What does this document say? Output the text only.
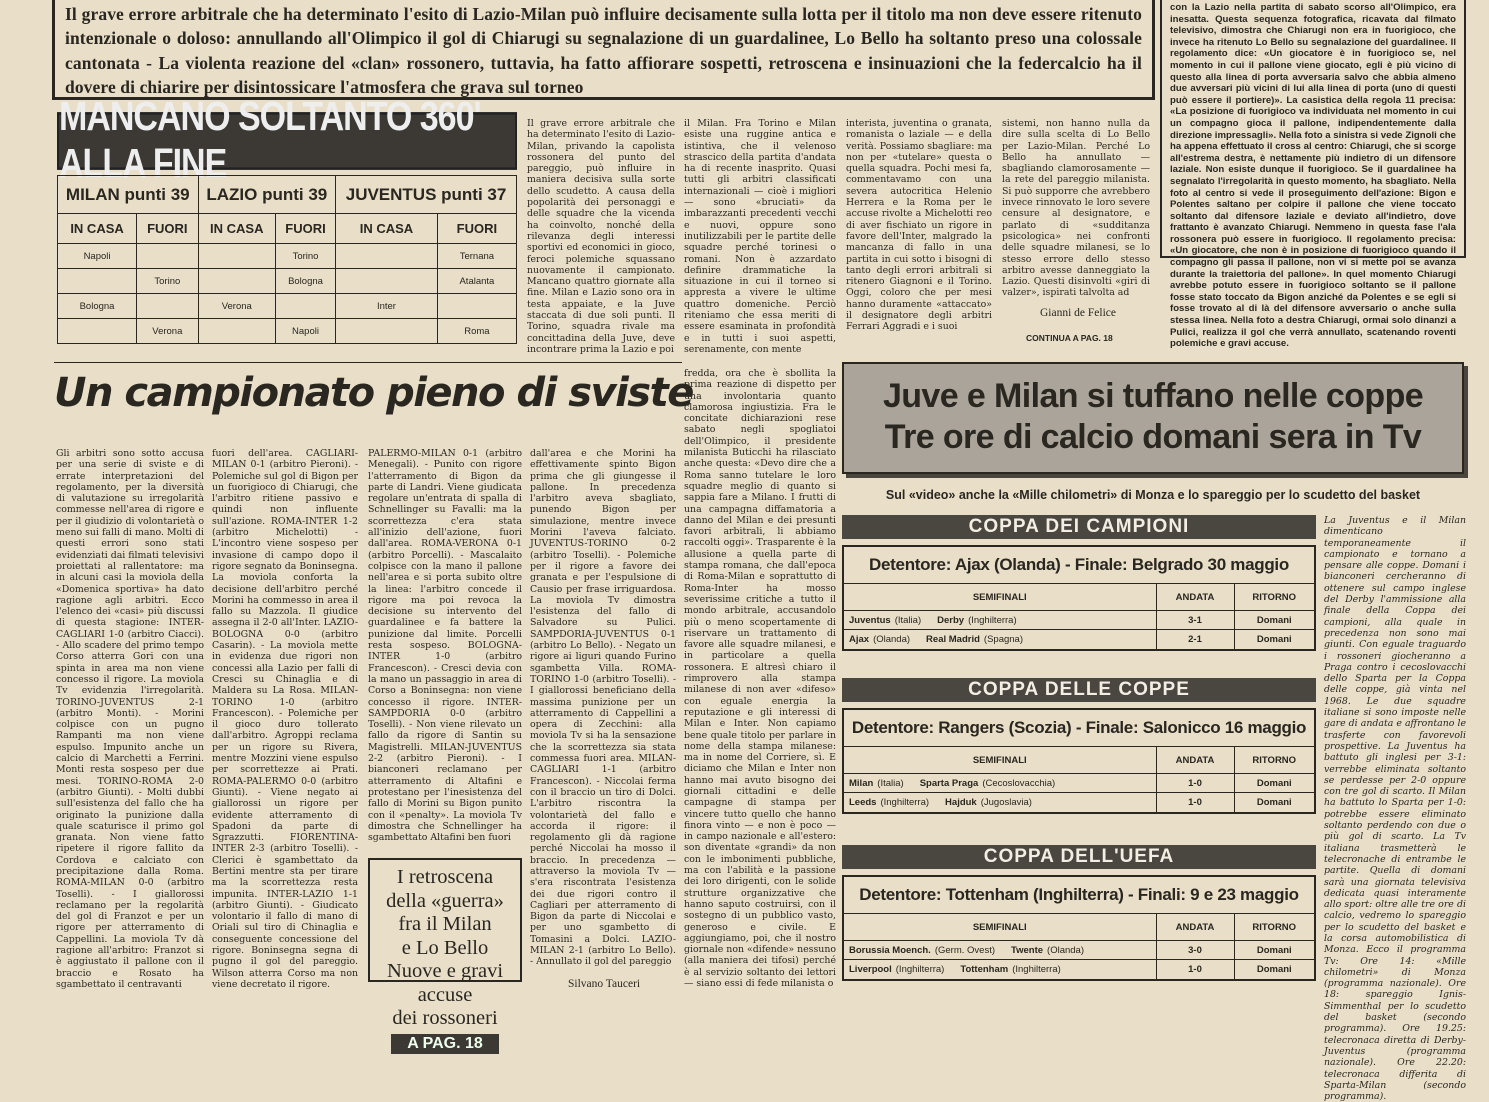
Il grave errore arbitrale che ha determinato l'esito di Lazio-Milan può influire decisamente sulla lotta per il titolo ma non deve essere ritenuto intenzionale o doloso: annullando all'Olimpico il gol di Chiarugi su segnalazione di un guardalinee, Lo Bello ha soltanto preso una colossale cantonata - La violenta reazione del «clan» rossonero, tuttavia, ha fatto affiorare sospetti, retroscena e insinuazioni che la federcalcio ha il dovere di chiarire per disintossicare l'atmosfera che grava sul torneo

con la Lazio nella partita di sabato scorso all'Olimpico, era inesatta. Questa sequenza fotografica, ricavata dal filmato televisivo, dimostra che Chiarugi non era in fuorigioco, che invece ha ritenuto Lo Bello su segnalazione del guardalinee. Il regolamento dice: «Un giocatore è in fuorigioco se, nel momento in cui il pallone viene giocato, egli è più vicino di questo alla linea di porta avversaria salvo che abbia almeno due avversari più vicini di lui alla linea di porta (uno di questi può essere il portiere)». La casistica della regola 11 precisa: «La posizione di fuorigioco va individuata nel momento in cui un compagno gioca il pallone, indipendentemente dalla direzione impressagli». Nella foto a sinistra si vede Zignoli che ha appena effettuato il cross al centro: Chiarugi, che si scorge all'estrema destra, è nettamente più indietro di un difensore laziale. Non esiste dunque il fuorigioco. Se il guardalinee ha segnalato l'irregolarità in questo momento, ha sbagliato. Nella foto al centro si vede il proseguimento dell'azione: Bigon e Polentes saltano per colpire il pallone che viene toccato soltanto dal difensore laziale e deviato all'indietro, dove frattanto è avanzato Chiarugi. Nemmeno in questa fase l'ala rossonera può essere in fuorigioco. Il regolamento precisa: «Un giocatore, che non è in posizione di fuorigioco quando il compagno gli passa il pallone, non vi si mette poi se avanza durante la traiettoria del pallone». In quel momento Chiarugi avrebbe potuto essere in fuorigioco soltanto se il pallone fosse stato toccato da Bigon anziché da Polentes e se egli si fosse trovato al di là del difensore avversario o anche sulla stessa linea. Nella foto a destra Chiarugi, ormai solo dinanzi a Pulici, realizza il gol che verrà annullato, scatenando roventi polemiche e gravi accuse.

MANCANO SOLTANTO 360' ALLA FINE
MILAN punti 39		LAZIO punti 39		JUVENTUS punti 37	
IN CASA	FUORI	IN CASA	FUORI	IN CASA	FUORI
Napoli			Torino		Ternana
	Torino		Bologna		Atalanta
Bologna		Verona		Inter	
	Verona		Napoli		Roma

Il grave errore arbitrale che ha determinato l'esito di Lazio-Milan, privando la capolista rossonera del punto del pareggio, può influire in maniera decisiva sulla sorte dello scudetto. A causa della popolarità dei personaggi e delle squadre che la vicenda ha coinvolto, nonché della rilevanza degli interessi sportivi ed economici in gioco, feroci polemiche squassano nuovamente il campionato. Mancano quattro giornate alla fine. Milan e Lazio sono ora in testa appaiate, e la Juve staccata di due soli punti. Il Torino, squadra rivale ma concittadina della Juve, deve incontrare prima la Lazio e poi

il Milan. Fra Torino e Milan esiste una ruggine antica e istintiva, che il velenoso strascico della partita d'andata ha di recente inasprito. Quasi tutti gli arbitri classificati internazionali — cioè i migliori — sono «bruciati» da imbarazzanti precedenti vecchi e nuovi, oppure sono inutilizzabili per le partite delle squadre perché torinesi o romani. Non è azzardato definire drammatiche la situazione in cui il torneo si appresta a vivere le ultime quattro domeniche. Perciò riteniamo che essa meriti di essere esaminata in profondità e in tutti i suoi aspetti, serenamente, con mente

fredda, ora che è sbollita la prima reazione di dispetto per una involontaria quanto clamorosa ingiustizia. Fra le concitate dichiarazioni rese sabato negli spogliatoi dell'Olimpico, il presidente milanista Buticchi ha rilasciato anche questa: «Devo dire che a Roma sanno tutelare le loro squadre meglio di quanto si sappia fare a Milano. I frutti di una campagna diffamatoria a danno del Milan e dei presunti favori arbitrali, li abbiamo raccolti oggi». Trasparente è la allusione a quella parte di stampa romana, che dall'epoca di Roma-Milan e soprattutto di Roma-Inter ha mosso severissime critiche a tutto il mondo arbitrale, accusandolo più o meno scopertamente di riservare un trattamento di favore alle squadre milanesi, e in particolare a quella rossonera. E altresì chiaro il rimprovero alla stampa milanese di non aver «difeso» con eguale energia la reputazione e gli interessi di Milan e Inter. Non capiamo bene quale titolo per parlare in nome della stampa milanese: ma in nome del Corriere, sì. E diciamo che Milan e Inter non hanno mai avuto bisogno dei giornali cittadini e delle campagne di stampa per vincere tutto quello che hanno finora vinto — e non è poco — in campo nazionale e all'estero: son diventate «grandi» da non con le imbonimenti pubbliche, ma con l'abilità e la passione dei loro dirigenti, con le solide strutture organizzative che hanno saputo costruirsi, con il sostegno di un pubblico vasto, generoso e civile. E aggiungiamo, poi, che il nostro giornale non «difende» nessuno (alla maniera dei tifosi) perché è al servizio soltanto dei lettori — siano essi di fede milanista o

interista, juventina o granata, romanista o laziale — e della verità. Possiamo sbagliare: ma non per «tutelare» questa o quella squadra. Pochi mesi fa, commentavamo con una severa autocritica Helenio Herrera e la Roma per le accuse rivolte a Michelotti reo di aver fischiato un rigore in favore dell'Inter, malgrado la mancanza di fallo in una partita in cui sotto i bisogni di tanto degli errori arbitrali si ritenero Giagnoni e il Torino. Oggi, coloro che per mesi hanno duramente «attaccato» il designatore degli arbitri Ferrari Aggradi e i suoi

sistemi, non hanno nulla da dire sulla scelta di Lo Bello per Lazio-Milan. Perché Lo Bello ha annullato — sbagliando clamorosamente — la rete del pareggio milanista. Si può supporre che avrebbero invece rinnovato le loro severe censure al designatore, e parlato di «sudditanza psicologica» nei confronti delle squadre milanesi, se lo stesso errore dello stesso arbitro avesse danneggiato la Lazio. Questi disinvolti «giri di valzer», ispirati talvolta ad

Gianni de Felice
CONTINUA A PAG. 18
Un campionato pieno di sviste

Gli arbitri sono sotto accusa per una serie di sviste e di errate interpretazioni del regolamento, per la diversità di valutazione su irregolarità commesse nell'area di rigore e per il giudizio di volontarietà o meno sui falli di mano. Molti di questi errori sono stati evidenziati dai filmati televisivi proiettati al rallentatore: ma in alcuni casi la moviola della «Domenica sportiva» ha dato ragione agli arbitri. Ecco l'elenco dei «casi» più discussi di questa stagione: INTER-CAGLIARI 1-0 (arbitro Ciacci). - Allo scadere del primo tempo Corso atterra Gori con una spinta in area ma non viene concesso il rigore. La moviola Tv evidenzia l'irregolarità. TORINO-JUVENTUS 2-1 (arbitro Monti). - Morini colpisce con un pugno Rampanti ma non viene espulso. Impunito anche un calcio di Marchetti a Ferrini. Monti resta sospeso per due mesi. TORINO-ROMA 2-0 (arbitro Giunti). - Molti dubbi sull'esistenza del fallo che ha originato la punizione dalla quale scaturisce il primo gol granata. Non viene fatto ripetere il rigore fallito da Cordova e calciato con precipitazione dalla Roma. ROMA-MILAN 0-0 (arbitro Toselli). - I giallorossi reclamano per la regolarità del gol di Franzot e per un rigore per atterramento di Cappellini. La moviola Tv dà ragione all'arbitro: Franzot si è aggiustato il pallone con il braccio e Rosato ha sgambettato il centravanti

fuori dell'area. CAGLIARI-MILAN 0-1 (arbitro Pieroni). - Polemiche sul gol di Bigon per un fuorigioco di Chiarugi, che l'arbitro ritiene passivo e quindi non influente sull'azione. ROMA-INTER 1-2 (arbitro Michelotti) - L'incontro viene sospeso per invasione di campo dopo il rigore segnato da Boninsegna. La moviola conforta la decisione dell'arbitro perché Morini ha commesso in area il fallo su Mazzola. Il giudice assegna il 2-0 all'Inter. LAZIO-BOLOGNA 0-0 (arbitro Casarin). - La moviola mette in evidenza due rigori non concessi alla Lazio per falli di Cresci su Chinaglia e di Maldera su La Rosa. MILAN-TORINO 1-0 (arbitro Francescon). - Polemiche per il gioco duro tollerato dall'arbitro. Agroppi reclama per un rigore su Rivera, mentre Mozzini viene espulso per scorrettezze ai Prati. ROMA-PALERMO 0-0 (arbitro Giunti). - Viene negato ai giallorossi un rigore per evidente atterramento di Spadoni da parte di Sgrazzutti. FIORENTINA-INTER 2-3 (arbitro Toselli). - Clerici è sgambettato da Bertini mentre sta per tirare ma la scorrettezza resta impunita. INTER-LAZIO 1-1 (arbitro Giunti). - Giudicato volontario il fallo di mano di Oriali sul tiro di Chinaglia e conseguente concessione del rigore. Boninsegna segna di pugno il gol del pareggio. Wilson atterra Corso ma non viene decretato il rigore.

PALERMO-MILAN 0-1 (arbitro Menegali). - Punito con rigore l'atterramento di Bigon da parte di Landri. Viene giudicata regolare un'entrata di spalla di Schnellinger su Favalli: ma la scorrettezza c'era stata all'inizio dell'azione, fuori dall'area. ROMA-VERONA 0-1 (arbitro Porcelli). - Mascalaito colpisce con la mano il pallone nell'area e si porta subito oltre la linea: l'arbitro concede il rigore ma poi revoca la decisione su intervento del guardalinee e fa battere la punizione dal limite. Porcelli resta sospeso. BOLOGNA-INTER 1-0 (arbitro Francescon). - Cresci devia con la mano un passaggio in area di Corso a Boninsegna: non viene concesso il rigore. INTER-SAMPDORIA 0-0 (arbitro Toselli). - Non viene rilevato un fallo da rigore di Santin su Magistrelli. MILAN-JUVENTUS 2-2 (arbitro Pieroni). - I bianconeri reclamano per atterramento di Altafini e protestano per l'inesistenza del fallo di Morini su Bigon punito con il «penalty». La moviola Tv dimostra che Schnellinger ha sgambettato Altafini ben fuori

dall'area e che Morini ha effettivamente spinto Bigon prima che gli giungesse il pallone. In precedenza l'arbitro aveva sbagliato, punendo Bigon per simulazione, mentre invece Morini l'aveva falciato. JUVENTUS-TORINO 0-2 (arbitro Toselli). - Polemiche per il rigore a favore dei granata e per l'espulsione di Causio per frase irriguardosa. La moviola Tv dimostra l'esistenza del fallo di Salvadore su Pulici. SAMPDORIA-JUVENTUS 0-1 (arbitro Lo Bello). - Negato un rigore ai liguri quando Furino sgambetta Villa. ROMA-TORINO 1-0 (arbitro Toselli). - I giallorossi beneficiano della massima punizione per un atterramento di Cappellini a opera di Zecchini: alla moviola Tv si ha la sensazione che la scorrettezza sia stata commessa fuori area. MILAN-CAGLIARI 1-1 (arbitro Francescon). - Niccolai ferma con il braccio un tiro di Dolci. L'arbitro riscontra la volontarietà del fallo e accorda il rigore: il regolamento gli dà ragione perché Niccolai ha mosso il braccio. In precedenza — attraverso la moviola Tv — s'era riscontrata l'esistenza dei due rigori contro il Cagliari per atterramento di Bigon da parte di Niccolai e per uno sgambetto di Tomasini a Dolci. LAZIO-MILAN 2-1 (arbitro Lo Bello). - Annullato il gol del pareggio

Silvano Tauceri
I retroscena
della «guerra»
fra il Milan
e Lo Bello
Nuove e gravi
accuse
dei rossoneri
A PAG. 18
Juve e Milan si tuffano nelle coppe
Tre ore di calcio domani sera in Tv
Sul «video» anche la «Mille chilometri» di Monza e lo spareggio per lo scudetto del basket
COPPA DEI CAMPIONI
Detentore: Ajax (Olanda) - Finale: Belgrado 30 maggio
SEMIFINALI	ANDATA	RITORNO
Juventus (Italia) Derby (Inghilterra)	3-1	Domani
Ajax (Olanda) Real Madrid (Spagna)	2-1	Domani
COPPA DELLE COPPE
Detentore: Rangers (Scozia) - Finale: Salonicco 16 maggio
SEMIFINALI	ANDATA	RITORNO
Milan (Italia) Sparta Praga (Cecoslovacchia)	1-0	Domani
Leeds (Inghilterra) Hajduk (Jugoslavia)	1-0	Domani
COPPA DELL'UEFA
Detentore: Tottenham (Inghilterra) - Finali: 9 e 23 maggio
SEMIFINALI	ANDATA	RITORNO
Borussia Moench. (Germ. Ovest) Twente (Olanda)	3-0	Domani
Liverpool (Inghilterra) Tottenham (Inghilterra)	1-0	Domani

La Juventus e il Milan dimenticano temporaneamente il campionato e tornano a pensare alle coppe. Domani i bianconeri cercheranno di ottenere sul campo inglese del Derby l'ammissione alla finale della Coppa dei campioni, alla quale in precedenza non sono mai giunti. Con eguale traguardo i rossoneri giocheranno a Praga contro i cecoslovacchi dello Sparta per la Coppa delle coppe, già vinta nel 1968. Le due squadre italiane si sono imposte nelle gare di andata e affrontano le trasferte con favorevoli prospettive. La Juventus ha battuto gli inglesi per 3-1: verrebbe eliminata soltanto se perdesse per 2-0 oppure con tre gol di scarto. Il Milan ha battuto lo Sparta per 1-0: potrebbe essere eliminato soltanto perdendo con due o più gol di scarto. La Tv italiana trasmetterà le telecronache di entrambe le partite. Quella di domani sarà una giornata televisiva dedicata quasi interamente allo sport: oltre alle tre ore di calcio, vedremo lo spareggio per lo scudetto del basket e la corsa automobilistica di Monza. Ecco il programma Tv: Ore 14: «Mille chilometri» di Monza (programma nazionale). Ore 18: spareggio Ignis-Simmenthal per lo scudetto del basket (secondo programma). Ore 19.25: telecronaca diretta di Derby-Juventus (programma nazionale). Ore 22.20: telecronaca differita di Sparta-Milan (secondo programma).
